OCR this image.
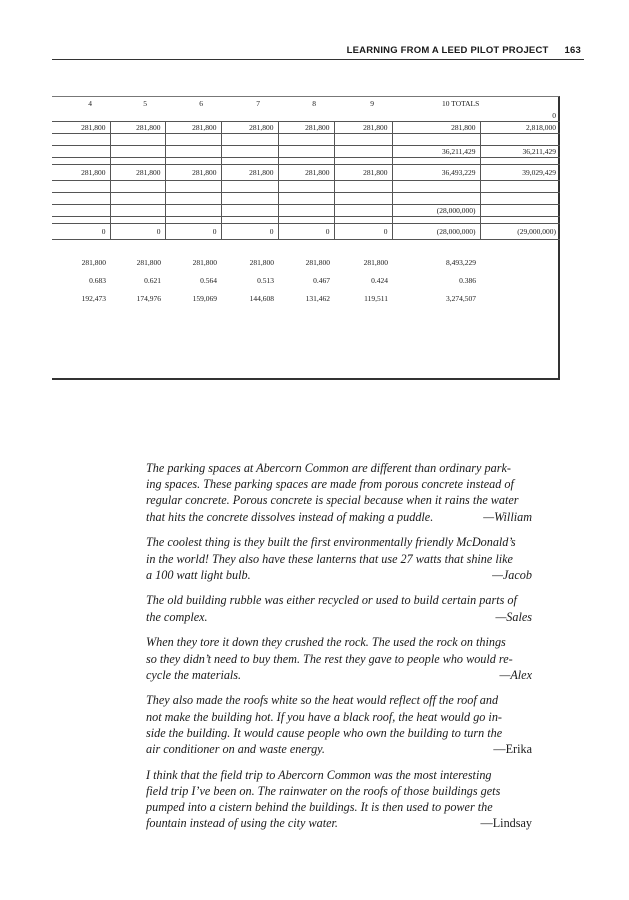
LEARNING FROM A LEED PILOT PROJECT 163
4	5	6	7	8	9	10 TOTALS	
							0
281,800	281,800	281,800	281,800	281,800	281,800	281,800	2,818,000

						36,211,429	36,211,429

281,800	281,800	281,800	281,800	281,800	281,800	36,493,229	39,029,429

						(28,000,000)	

0	0	0	0	0	0	(28,000,000)	(29,000,000)

281,800	281,800	281,800	281,800	281,800	281,800	8,493,229	
0.683	0.621	0.564	0.513	0.467	0.424	0.386	
192,473	174,976	159,069	144,608	131,462	119,511	3,274,507	
The parking spaces at Abercorn Common are different than ordinary park-
ing spaces. These parking spaces are made from porous concrete instead of
regular concrete. Porous concrete is special because when it rains the water
that hits the concrete dissolves instead of making a puddle.	—William
The coolest thing is they built the first environmentally friendly McDonald’s
in the world! They also have these lanterns that use 27 watts that shine like
a 100 watt light bulb.	—Jacob
The old building rubble was either recycled or used to build certain parts of
the complex.	—Sales
When they tore it down they crushed the rock. The used the rock on things
so they didn’t need to buy them. The rest they gave to people who would re-
cycle the materials.	—Alex
They also made the roofs white so the heat would reflect off the roof and
not make the building hot. If you have a black roof, the heat would go in-
side the building. It would cause people who own the building to turn the
air conditioner on and waste energy.	—Erika
I think that the field trip to Abercorn Common was the most interesting
field trip I’ve been on. The rainwater on the roofs of those buildings gets
pumped into a cistern behind the buildings. It is then used to power the
fountain instead of using the city water.	—Lindsay
